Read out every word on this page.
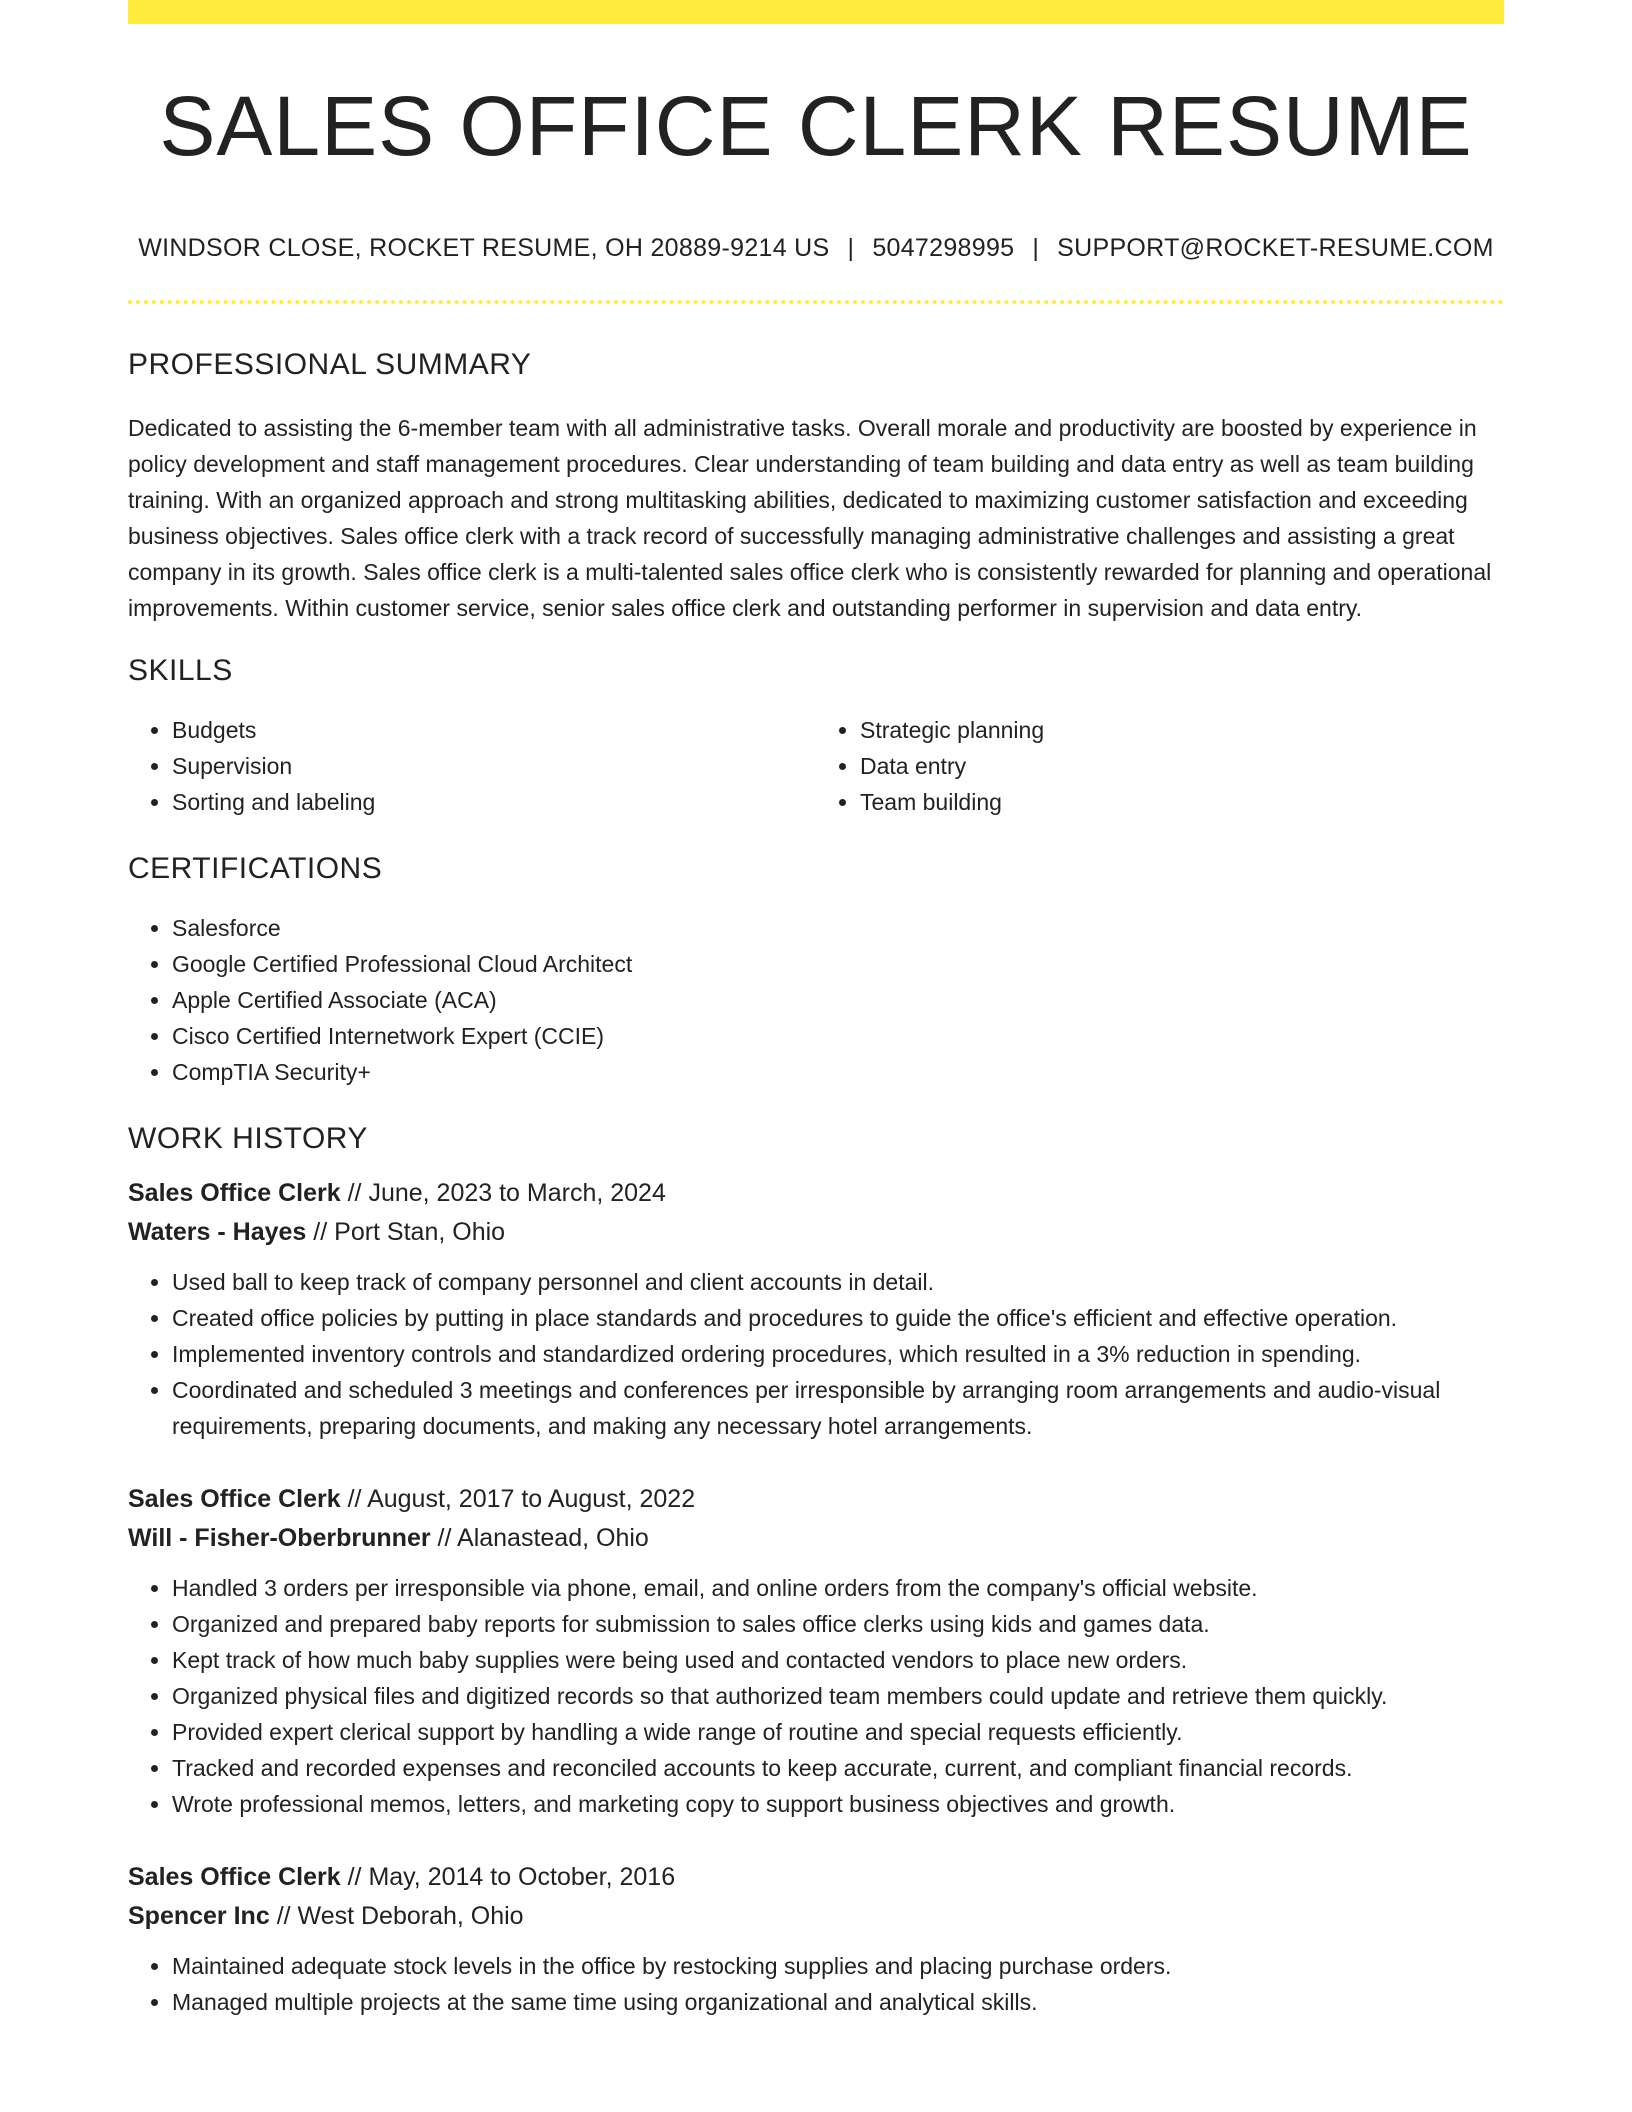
SALES OFFICE CLERK RESUME
WINDSOR CLOSE, ROCKET RESUME, OH 20889-9214 US | 5047298995 | SUPPORT@ROCKET-RESUME.COM
PROFESSIONAL SUMMARY

Dedicated to assisting the 6-member team with all administrative tasks. Overall morale and productivity are boosted by experience in policy development and staff management procedures. Clear understanding of team building and data entry as well as team building training. With an organized approach and strong multitasking abilities, dedicated to maximizing customer satisfaction and exceeding business objectives. Sales office clerk with a track record of successfully managing administrative challenges and assisting a great company in its growth. Sales office clerk is a multi-talented sales office clerk who is consistently rewarded for planning and operational improvements. Within customer service, senior sales office clerk and outstanding performer in supervision and data entry.

SKILLS
• Budgets
• Supervision
• Sorting and labeling
• Strategic planning
• Data entry
• Team building
CERTIFICATIONS
• Salesforce
• Google Certified Professional Cloud Architect
• Apple Certified Associate (ACA)
• Cisco Certified Internetwork Expert (CCIE)
• CompTIA Security+
WORK HISTORY
Sales Office Clerk // June, 2023 to March, 2024
Waters - Hayes // Port Stan, Ohio
• Used ball to keep track of company personnel and client accounts in detail.
• Created office policies by putting in place standards and procedures to guide the office's efficient and effective operation.
• Implemented inventory controls and standardized ordering procedures, which resulted in a 3% reduction in spending.
• Coordinated and scheduled 3 meetings and conferences per irresponsible by arranging room arrangements and audio-visual requirements, preparing documents, and making any necessary hotel arrangements.
Sales Office Clerk // August, 2017 to August, 2022
Will - Fisher-Oberbrunner // Alanastead, Ohio
• Handled 3 orders per irresponsible via phone, email, and online orders from the company's official website.
• Organized and prepared baby reports for submission to sales office clerks using kids and games data.
• Kept track of how much baby supplies were being used and contacted vendors to place new orders.
• Organized physical files and digitized records so that authorized team members could update and retrieve them quickly.
• Provided expert clerical support by handling a wide range of routine and special requests efficiently.
• Tracked and recorded expenses and reconciled accounts to keep accurate, current, and compliant financial records.
• Wrote professional memos, letters, and marketing copy to support business objectives and growth.
Sales Office Clerk // May, 2014 to October, 2016
Spencer Inc // West Deborah, Ohio
• Maintained adequate stock levels in the office by restocking supplies and placing purchase orders.
• Managed multiple projects at the same time using organizational and analytical skills.
